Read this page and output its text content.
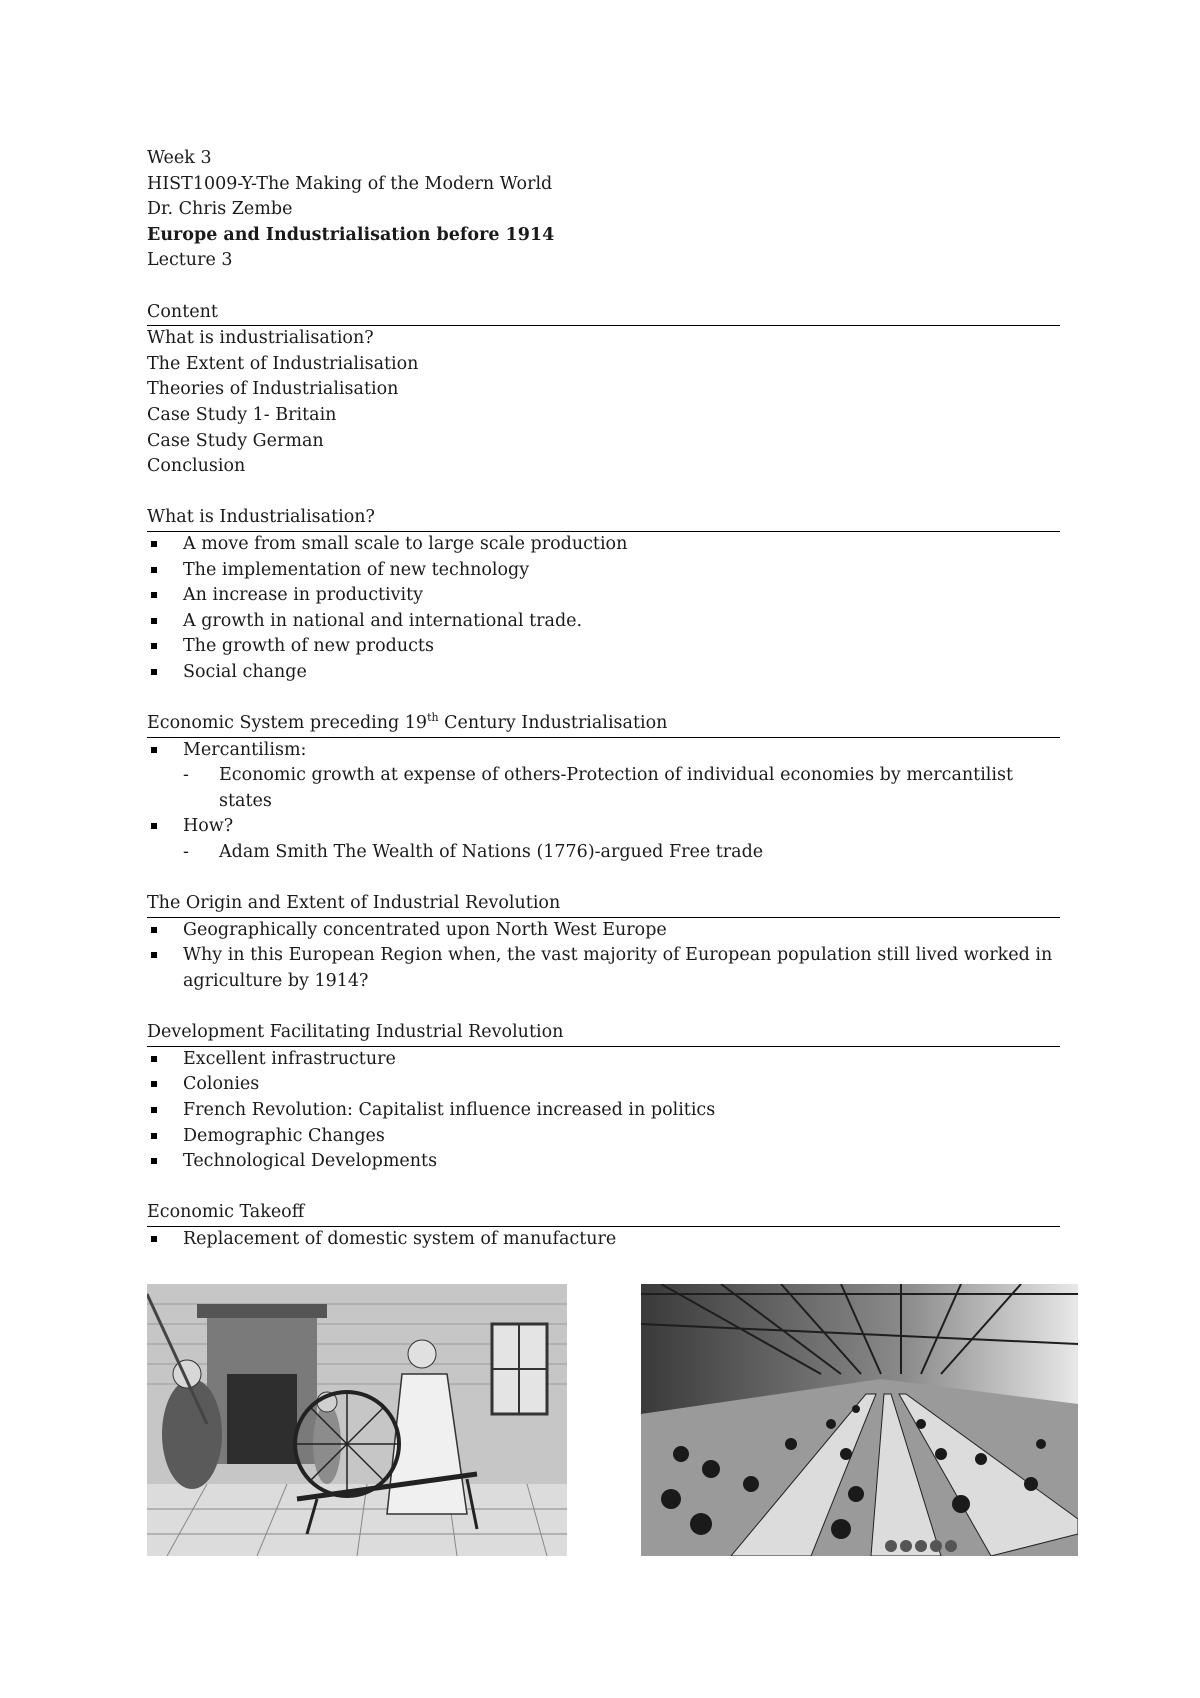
Week 3
HIST1009-Y-The Making of the Modern World
Dr. Chris Zembe
Europe and Industrialisation before 1914
Lecture 3
Content
What is industrialisation?
The Extent of Industrialisation
Theories of Industrialisation
Case Study 1- Britain
Case Study German
Conclusion
What is Industrialisation?
A move from small scale to large scale production
The implementation of new technology
An increase in productivity
A growth in national and international trade.
The growth of new products
Social change
Economic System preceding 19th Century Industrialisation
Mercantilism:
- Economic growth at expense of others-Protection of individual economies by mercantilist states
How?
- Adam Smith The Wealth of Nations (1776)-argued Free trade
The Origin and Extent of Industrial Revolution
Geographically concentrated upon North West Europe
Why in this European Region when, the vast majority of European population still lived worked in agriculture by 1914?
Development Facilitating Industrial Revolution
Excellent infrastructure
Colonies
French Revolution: Capitalist influence increased in politics
Demographic Changes
Technological Developments
Economic Takeoff
Replacement of domestic system of manufacture
